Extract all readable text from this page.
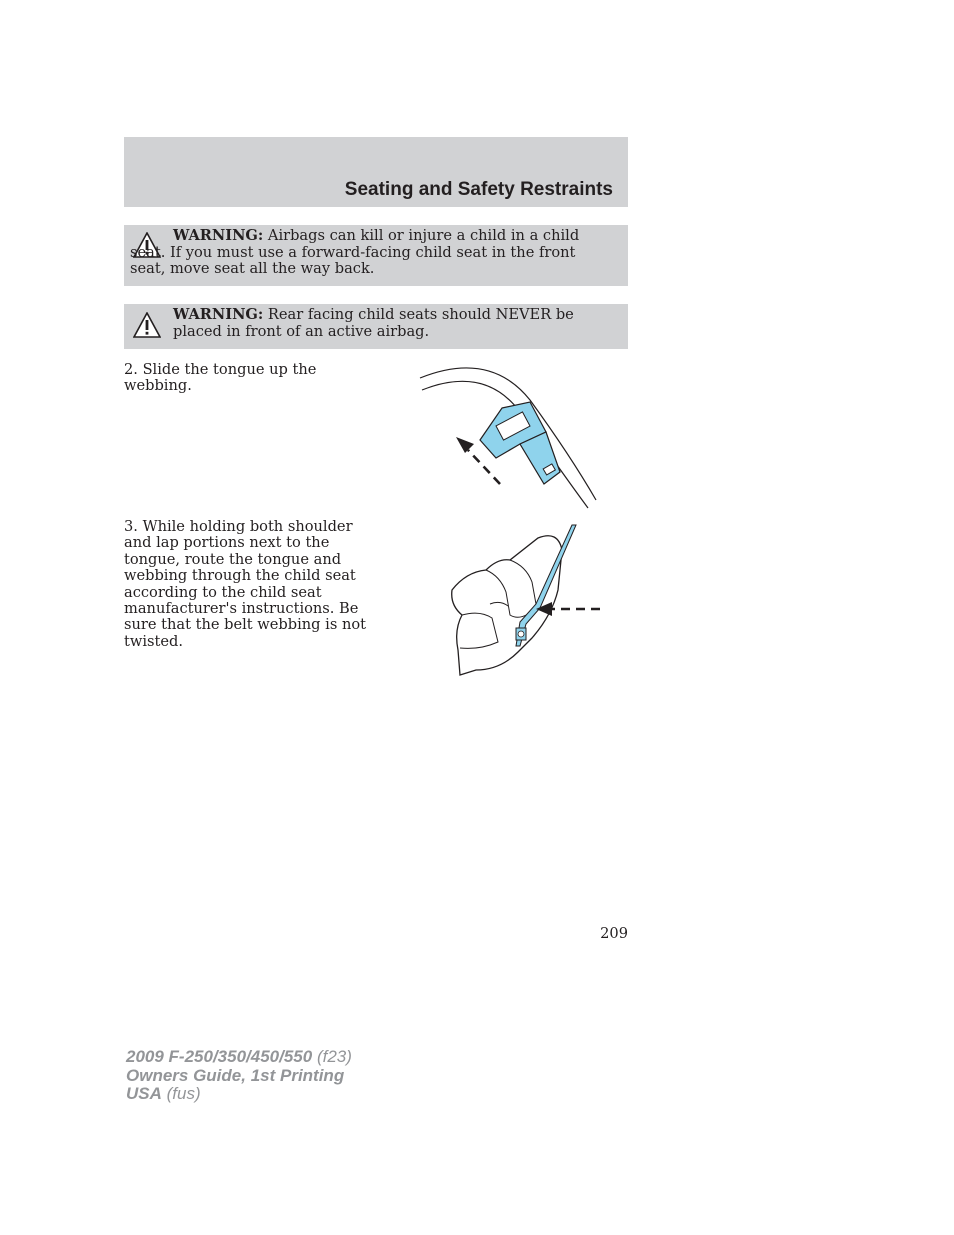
Seating and Safety Restraints
WARNING: Airbags can kill or injure a child in a child seat. If you must use a forward-facing child seat in the front seat, move seat all the way back.
WARNING: Rear facing child seats should NEVER be placed in front of an active airbag.
2. Slide the tongue up the webbing.
3. While holding both shoulder and lap portions next to the tongue, route the tongue and webbing through the child seat according to the child seat manufacturer's instructions. Be sure that the belt webbing is not twisted.
209
2009 F-250/350/450/550 (f23)
Owners Guide, 1st Printing
USA (fus)
